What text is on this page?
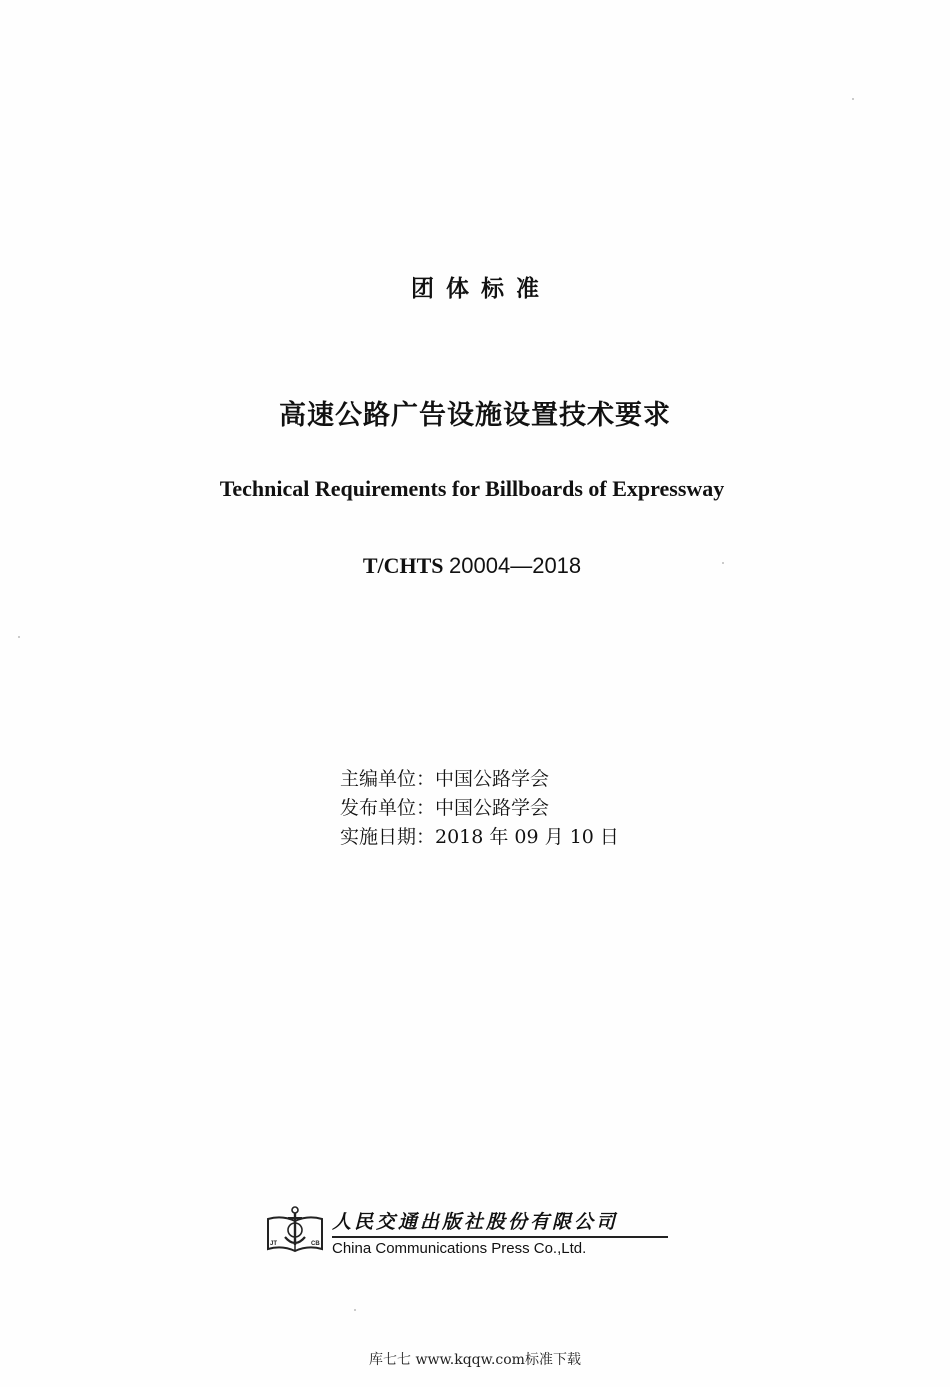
团体标准
高速公路广告设施设置技术要求
Technical Requirements for Billboards of Expressway
T/CHTS 20004—2018
主编单位：中国公路学会
发布单位：中国公路学会
实施日期：2018 年 09 月 10 日
JT	CB
人民交通出版社股份有限公司
China Communications Press Co.,Ltd.
库七七 www.kqqw.com标准下载
